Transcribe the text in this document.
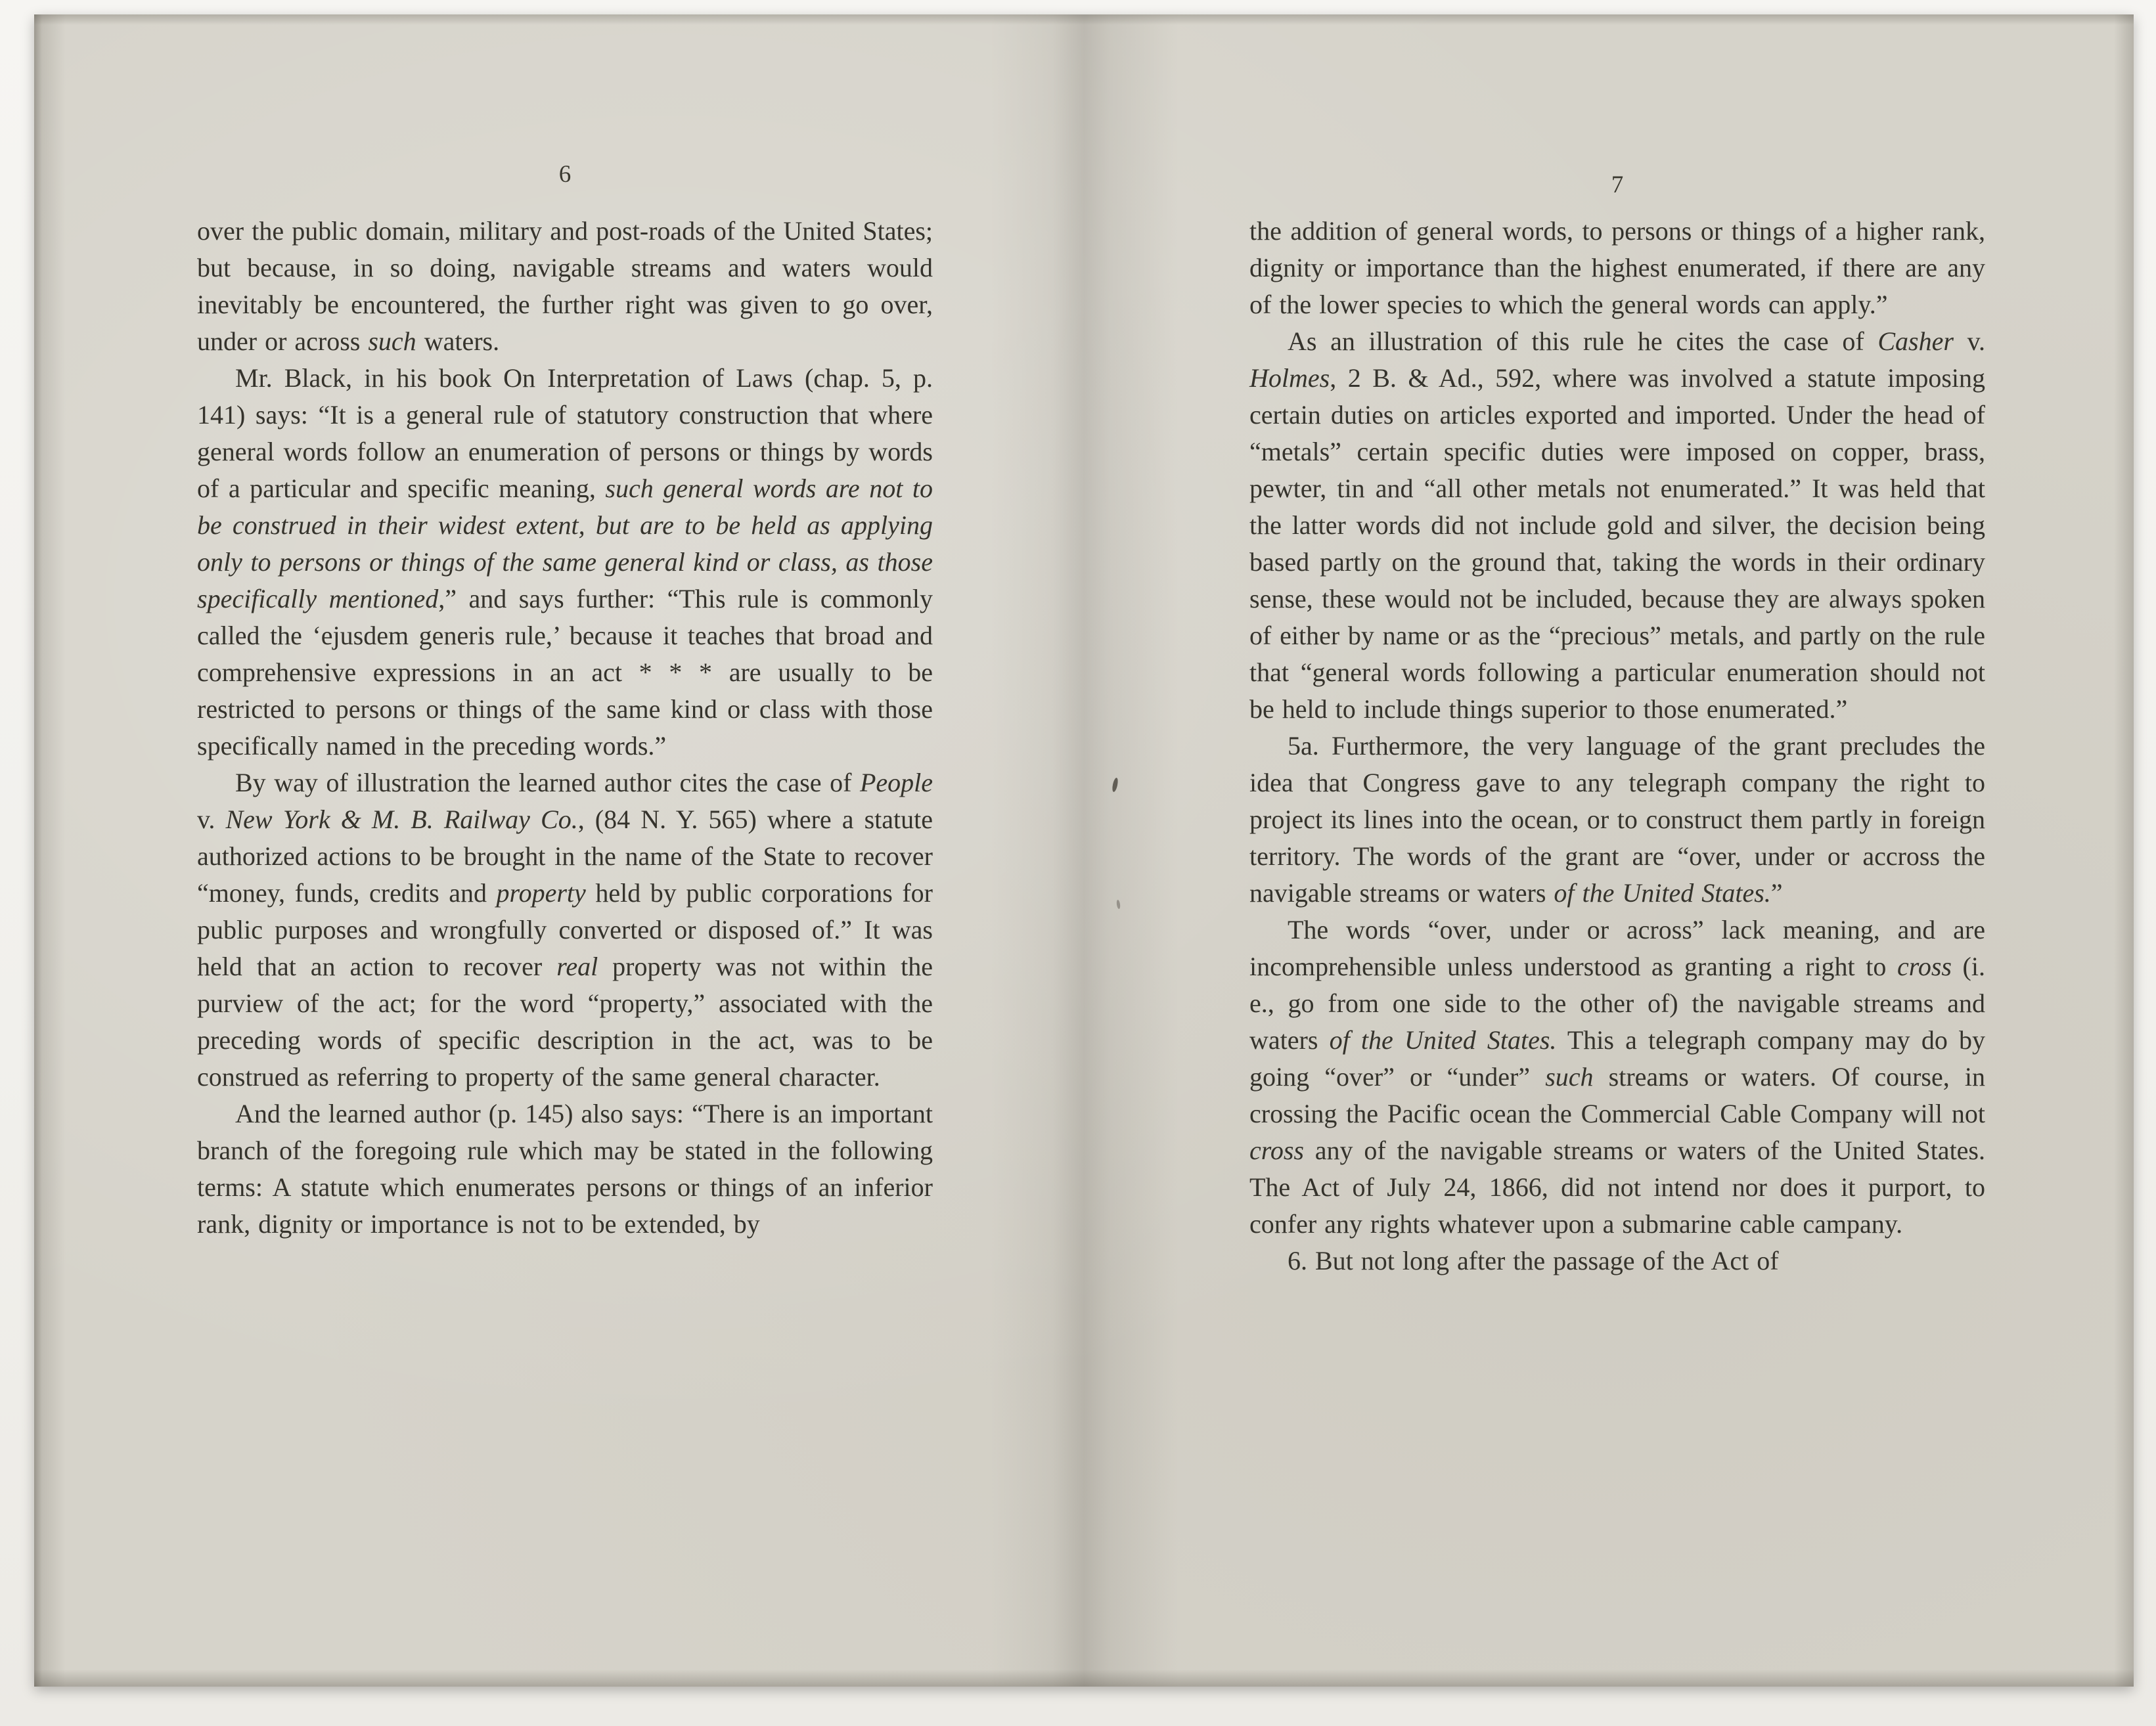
6

over the public domain, military and post-roads of the United States; but because, in so doing, navigable streams and waters would inevitably be encountered, the further right was given to go over, under or across such waters.

Mr. Black, in his book On Interpretation of Laws (chap. 5, p. 141) says: “It is a general rule of statutory construction that where general words follow an enumeration of persons or things by words of a particular and specific meaning, such general words are not to be construed in their widest extent, but are to be held as applying only to persons or things of the same general kind or class, as those specifically mentioned,” and says further: “This rule is commonly called the ‘ejusdem generis rule,’ because it teaches that broad and comprehensive expressions in an act * * * are usually to be restricted to persons or things of the same kind or class with those specifically named in the preceding words.”

By way of illustration the learned author cites the case of People v. New York & M. B. Railway Co., (84 N. Y. 565) where a statute authorized actions to be brought in the name of the State to recover “money, funds, credits and property held by public corporations for public purposes and wrongfully converted or disposed of.” It was held that an action to recover real property was not within the purview of the act; for the word “property,” associated with the preceding words of specific description in the act, was to be construed as referring to property of the same general character.

And the learned author (p. 145) also says: “There is an important branch of the foregoing rule which may be stated in the following terms: A statute which enumerates persons or things of an inferior rank, dignity or importance is not to be extended, by

7

the addition of general words, to persons or things of a higher rank, dignity or importance than the highest enumerated, if there are any of the lower species to which the general words can apply.”

As an illustration of this rule he cites the case of Casher v. Holmes, 2 B. & Ad., 592, where was involved a statute imposing certain duties on articles exported and imported. Under the head of “metals” certain specific duties were imposed on copper, brass, pewter, tin and “all other metals not enumerated.” It was held that the latter words did not include gold and silver, the decision being based partly on the ground that, taking the words in their ordinary sense, these would not be included, because they are always spoken of either by name or as the “precious” metals, and partly on the rule that “general words following a particular enumeration should not be held to include things superior to those enumerated.”

5a. Furthermore, the very language of the grant precludes the idea that Congress gave to any telegraph company the right to project its lines into the ocean, or to construct them partly in foreign territory. The words of the grant are “over, under or accross the navigable streams or waters of the United States.”

The words “over, under or across” lack meaning, and are incomprehensible unless understood as granting a right to cross (i. e., go from one side to the other of) the navigable streams and waters of the United States. This a telegraph company may do by going “over” or “under” such streams or waters. Of course, in crossing the Pacific ocean the Commercial Cable Company will not cross any of the navigable streams or waters of the United States. The Act of July 24, 1866, did not intend nor does it purport, to confer any rights whatever upon a submarine cable campany.

6. But not long after the passage of the Act of
